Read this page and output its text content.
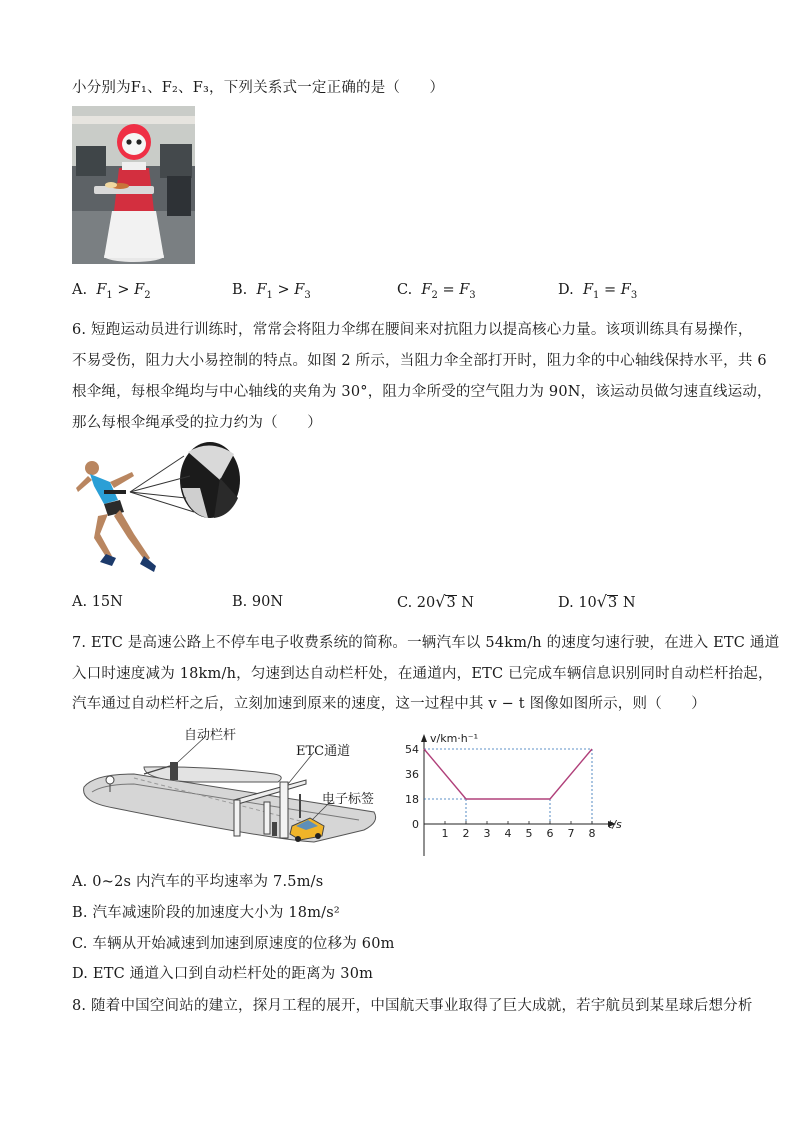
小分别为F₁、F₂、F₃，下列关系式一定正确的是（　　）
A.  $F_1 > F_2$	B.  $F_1 > F_3$	C.  $F_2 = F_3$	D.  $F_1 = F_3$
6. 短跑运动员进行训练时，常常会将阻力伞绑在腰间来对抗阻力以提高核心力量。该项训练具有易操作，
不易受伤，阻力大小易控制的特点。如图 2 所示，当阻力伞全部打开时，阻力伞的中心轴线保持水平，共 6
根伞绳，每根伞绳均与中心轴线的夹角为 30°，阻力伞所受的空气阻力为 90N，该运动员做匀速直线运动，
那么每根伞绳承受的拉力约为（　　）
A. 15N	B. 90N	C. 20√3 N	D. 10√3 N
7. ETC 是高速公路上不停车电子收费系统的简称。一辆汽车以 54km/h 的速度匀速行驶，在进入 ETC 通道
入口时速度减为 18km/h，匀速到达自动栏杆处，在通道内，ETC 已完成车辆信息识别同时自动栏杆抬起，
汽车通过自动栏杆之后，立刻加速到原来的速度，这一过程中其 v − t 图像如图所示，则（　　）
自动栏杆
ETC通道
电子标签
v/km·h⁻¹
t/s
54
36
18
0
1 2 3 4 5 6 7 8
A. 0~2s 内汽车的平均速率为 7.5m/s
B. 汽车减速阶段的加速度大小为 18m/s²
C. 车辆从开始减速到加速到原速度的位移为 60m
D. ETC 通道入口到自动栏杆处的距离为 30m
8. 随着中国空间站的建立，探月工程的展开，中国航天事业取得了巨大成就，若宇航员到某星球后想分析
